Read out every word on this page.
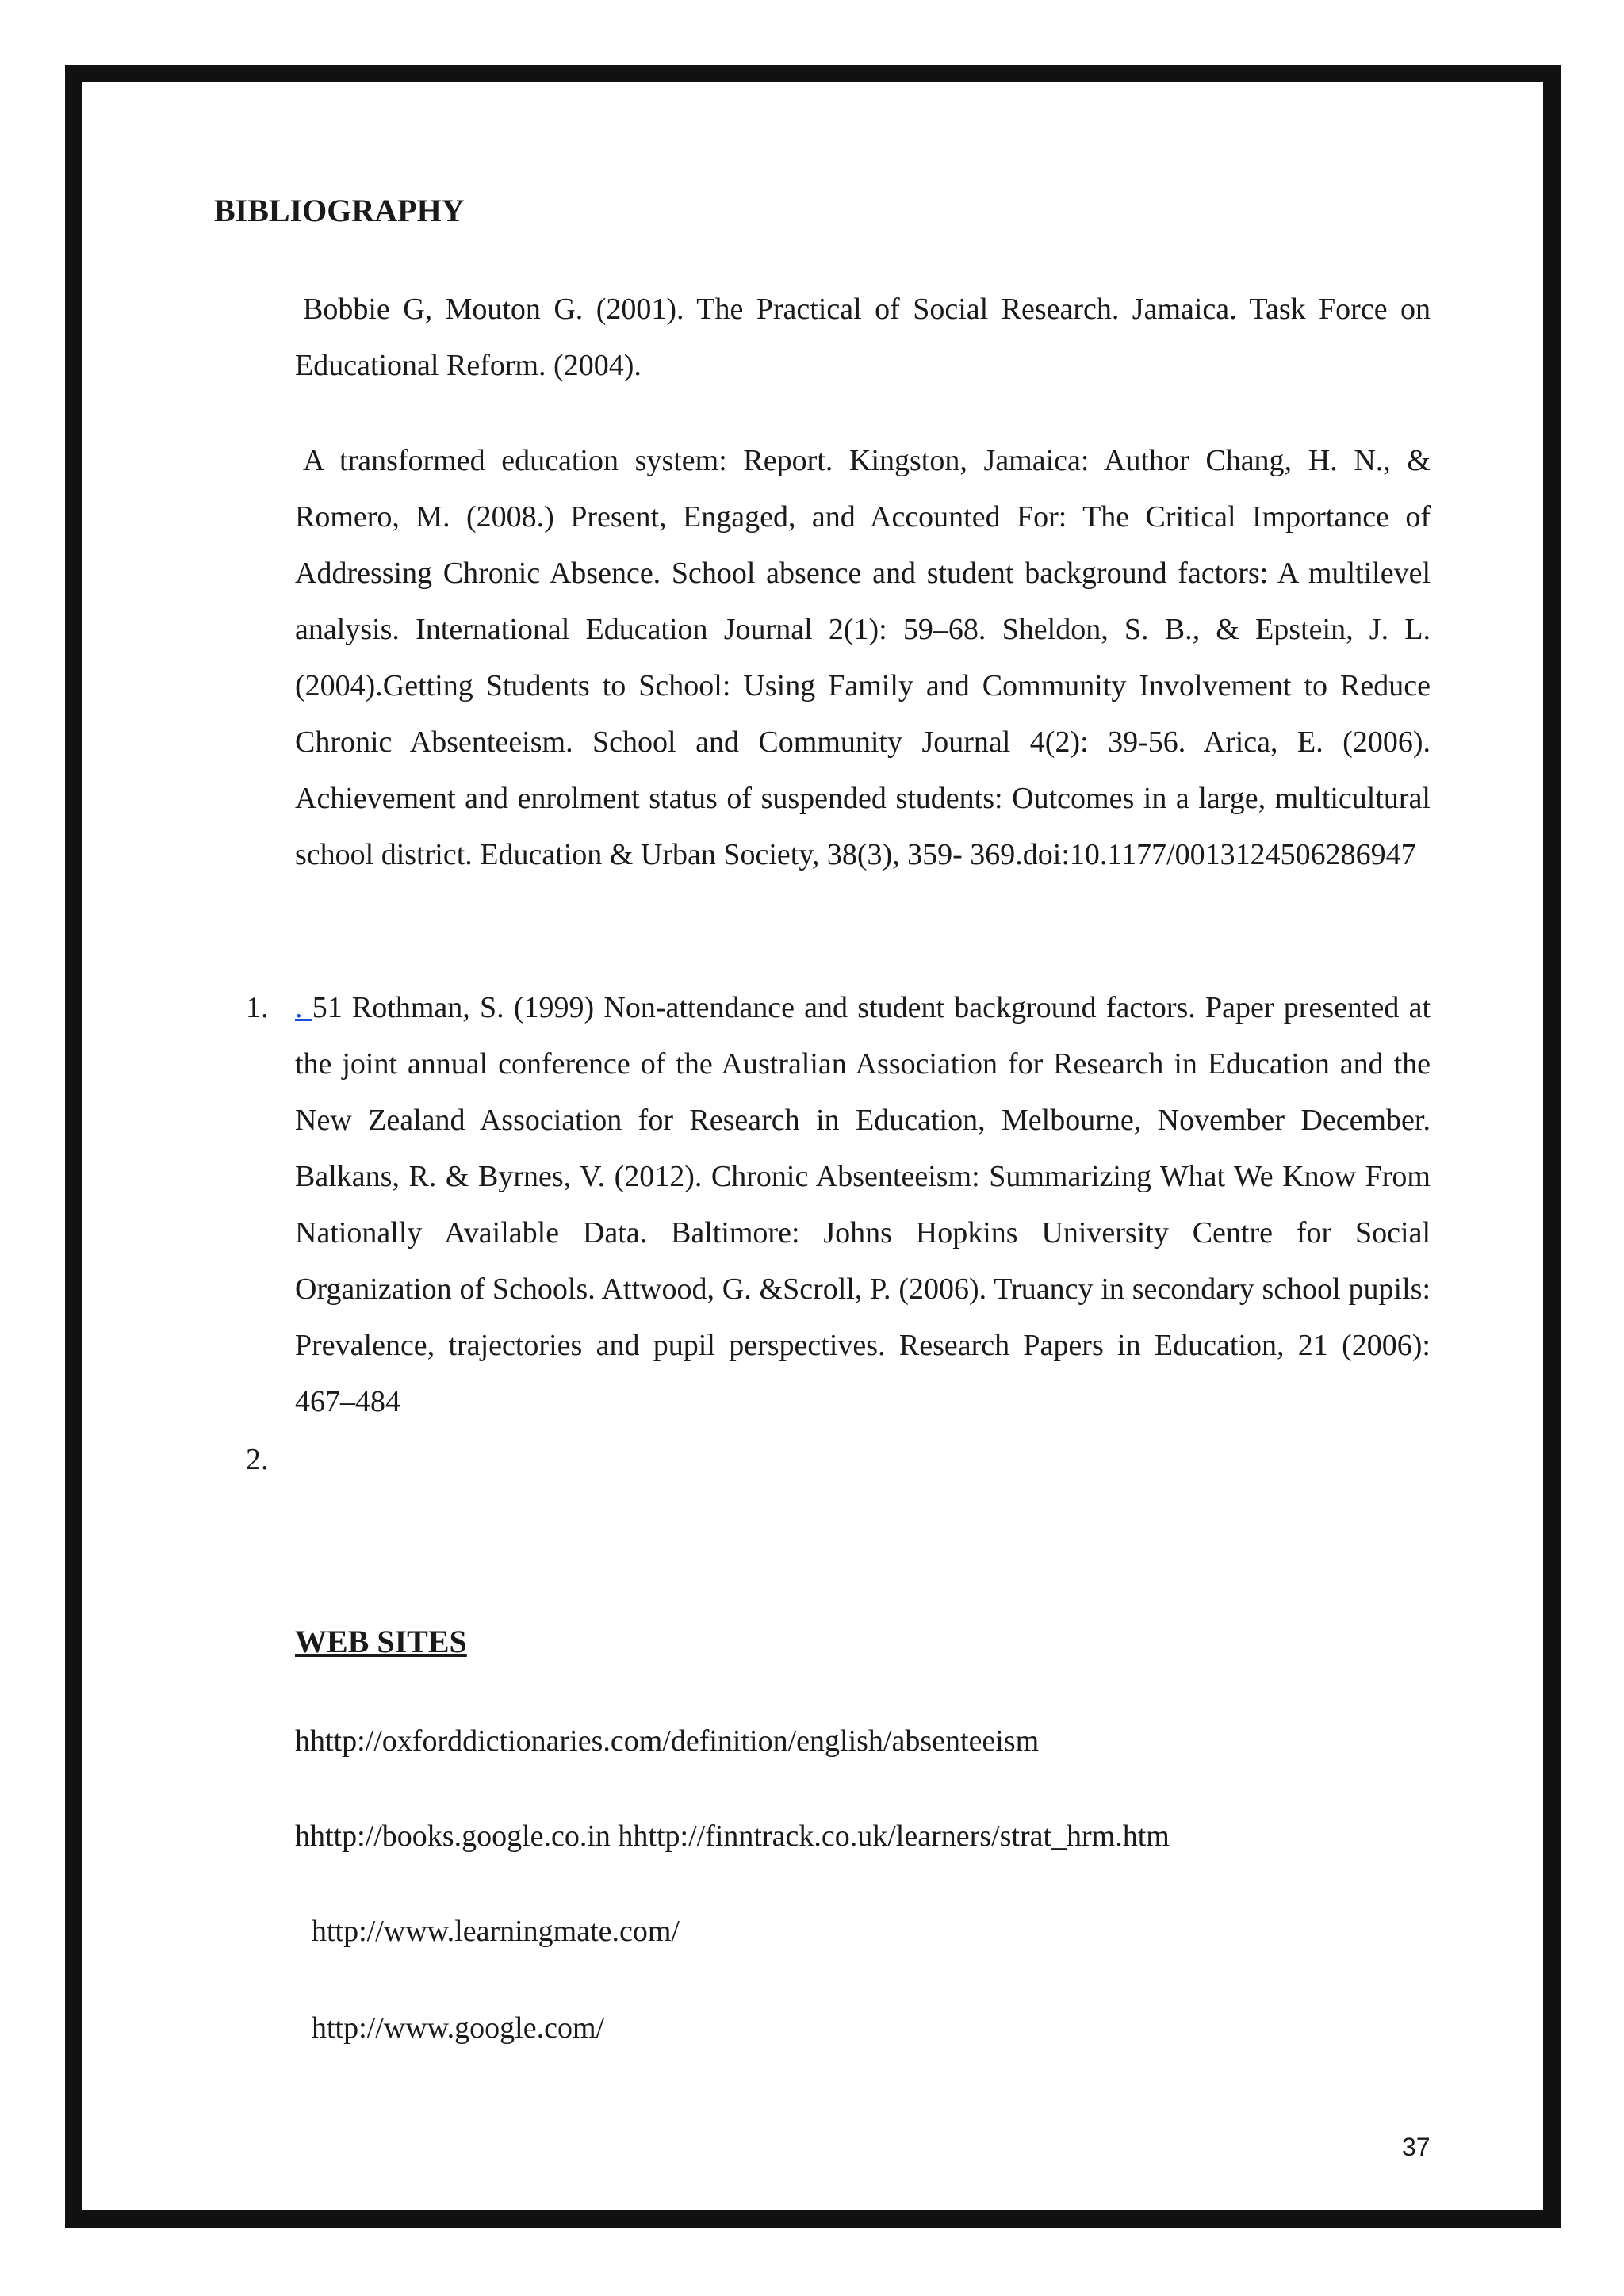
BIBLIOGRAPHY

Bobbie G, Mouton G. (2001). The Practical of Social Research. Jamaica. Task Force on Educational Reform. (2004).

A transformed education system: Report. Kingston, Jamaica: Author Chang, H. N., & Romero, M. (2008.) Present, Engaged, and Accounted For: The Critical Importance of Addressing Chronic Absence. School absence and student background factors: A multilevel analysis. International Education Journal 2(1): 59–68. Sheldon, S. B., & Epstein, J. L. (2004).Getting Students to School: Using Family and Community Involvement to Reduce Chronic Absenteeism. School and Community Journal 4(2): 39-56. Arica, E. (2006). Achievement and enrolment status of suspended students: Outcomes in a large, multicultural school district. Education & Urban Society, 38(3), 359- 369.doi:10.1177/0013124506286947

1. . 51 Rothman, S. (1999) Non-attendance and student background factors. Paper presented at the joint annual conference of the Australian Association for Research in Education and the New Zealand Association for Research in Education, Melbourne, November December. Balkans, R. & Byrnes, V. (2012). Chronic Absenteeism: Summarizing What We Know From Nationally Available Data. Baltimore: Johns Hopkins University Centre for Social Organization of Schools. Attwood, G. &Scroll, P. (2006). Truancy in secondary school pupils: Prevalence, trajectories and pupil perspectives. Research Papers in Education, 21 (2006): 467–484

2.
WEB SITES
hhttp://oxforddictionaries.com/definition/english/absenteeism
hhttp://books.google.co.in hhttp://finntrack.co.uk/learners/strat_hrm.htm
http://www.learningmate.com/
http://www.google.com/
37
